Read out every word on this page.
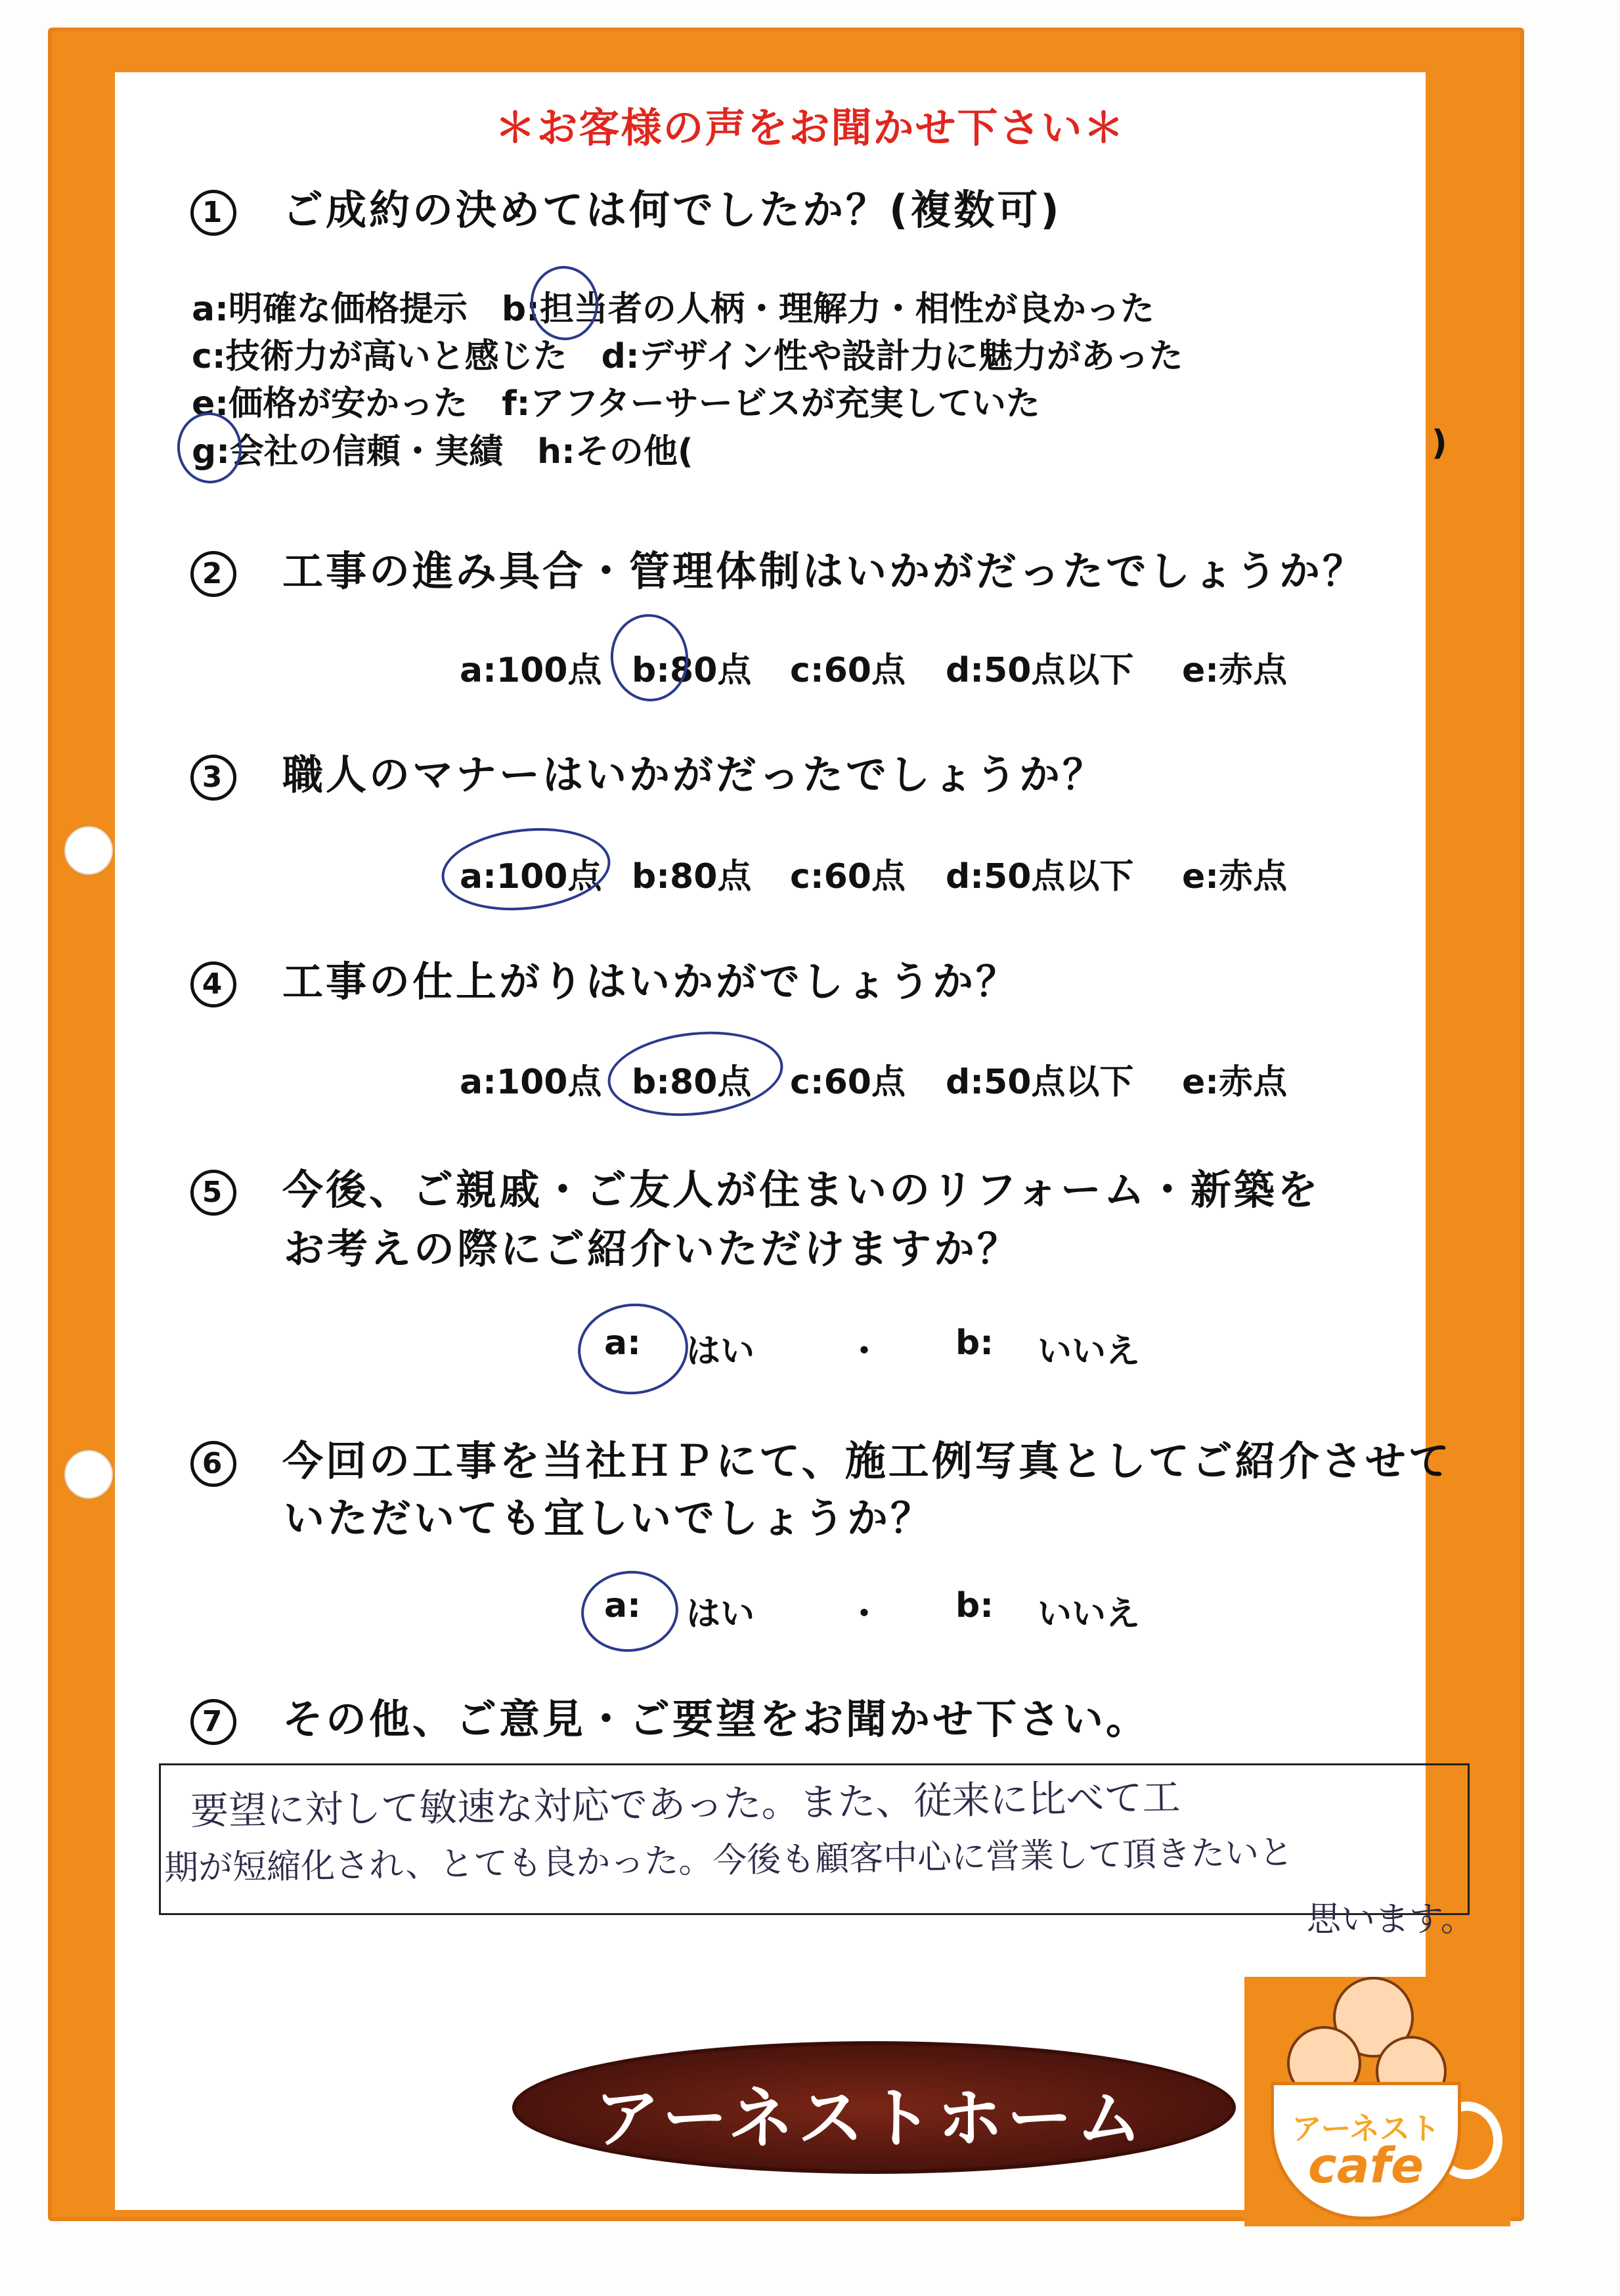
＊お客様の声をお聞かせ下さい＊
1 ご成約の決めては何でしたか？(複数可)
a:明確な価格提示　b:担当者の人柄・理解力・相性が良かった
c:技術力が高いと感じた　d:デザイン性や設計力に魅力があった
e:価格が安かった　f:アフターサービスが充実していた
g:会社の信頼・実績　h:その他(	)
2 工事の進み具合・管理体制はいかがだったでしょうか？
a:100点 b:80点 c:60点 d:50点以下 e:赤点
3 職人のマナーはいかがだったでしょうか？
a:100点 b:80点 c:60点 d:50点以下 e:赤点
4 工事の仕上がりはいかがでしょうか？
a:100点 b:80点 c:60点 d:50点以下 e:赤点
5 今後、ご親戚・ご友人が住まいのリフォーム・新築を
お考えの際にご紹介いただけますか？
a: はい	・ b: いいえ
6 今回の工事を当社ＨＰにて、施工例写真としてご紹介させて
いただいても宜しいでしょうか？
a: はい	・ b: いいえ
7 その他、ご意見・ご要望をお聞かせ下さい。
要望に対して敏速な対応であった。また、従来に比べて工
期が短縮化され、とても良かった。今後も顧客中心に営業して頂きたいと
思います。
アーネストホーム	アーネスト
cafe
